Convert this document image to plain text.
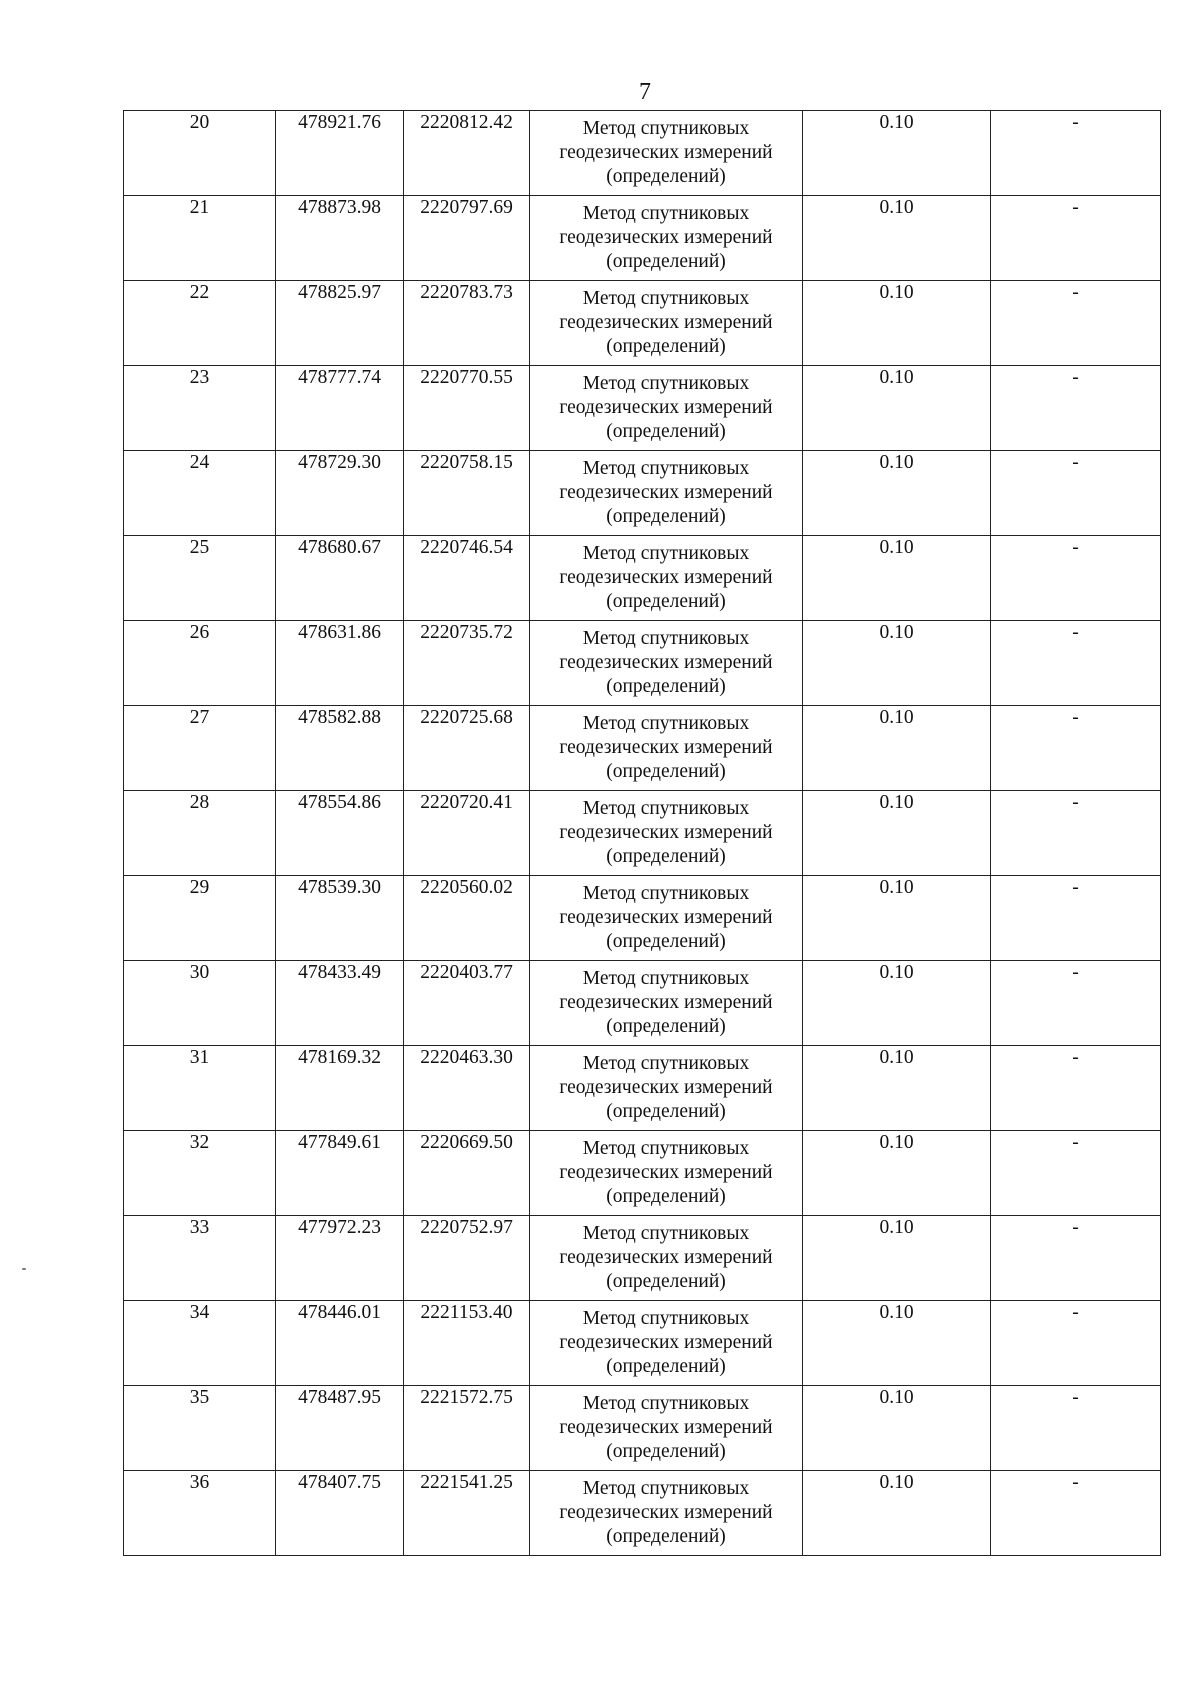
7
20	478921.76	2220812.42	Метод спутниковых
геодезических измерений
(определений)	0.10	-
21	478873.98	2220797.69	Метод спутниковых
геодезических измерений
(определений)	0.10	-
22	478825.97	2220783.73	Метод спутниковых
геодезических измерений
(определений)	0.10	-
23	478777.74	2220770.55	Метод спутниковых
геодезических измерений
(определений)	0.10	-
24	478729.30	2220758.15	Метод спутниковых
геодезических измерений
(определений)	0.10	-
25	478680.67	2220746.54	Метод спутниковых
геодезических измерений
(определений)	0.10	-
26	478631.86	2220735.72	Метод спутниковых
геодезических измерений
(определений)	0.10	-
27	478582.88	2220725.68	Метод спутниковых
геодезических измерений
(определений)	0.10	-
28	478554.86	2220720.41	Метод спутниковых
геодезических измерений
(определений)	0.10	-
29	478539.30	2220560.02	Метод спутниковых
геодезических измерений
(определений)	0.10	-
30	478433.49	2220403.77	Метод спутниковых
геодезических измерений
(определений)	0.10	-
31	478169.32	2220463.30	Метод спутниковых
геодезических измерений
(определений)	0.10	-
32	477849.61	2220669.50	Метод спутниковых
геодезических измерений
(определений)	0.10	-
33	477972.23	2220752.97	Метод спутниковых
геодезических измерений
(определений)	0.10	-
34	478446.01	2221153.40	Метод спутниковых
геодезических измерений
(определений)	0.10	-
35	478487.95	2221572.75	Метод спутниковых
геодезических измерений
(определений)	0.10	-
36	478407.75	2221541.25	Метод спутниковых
геодезических измерений
(определений)	0.10	-
